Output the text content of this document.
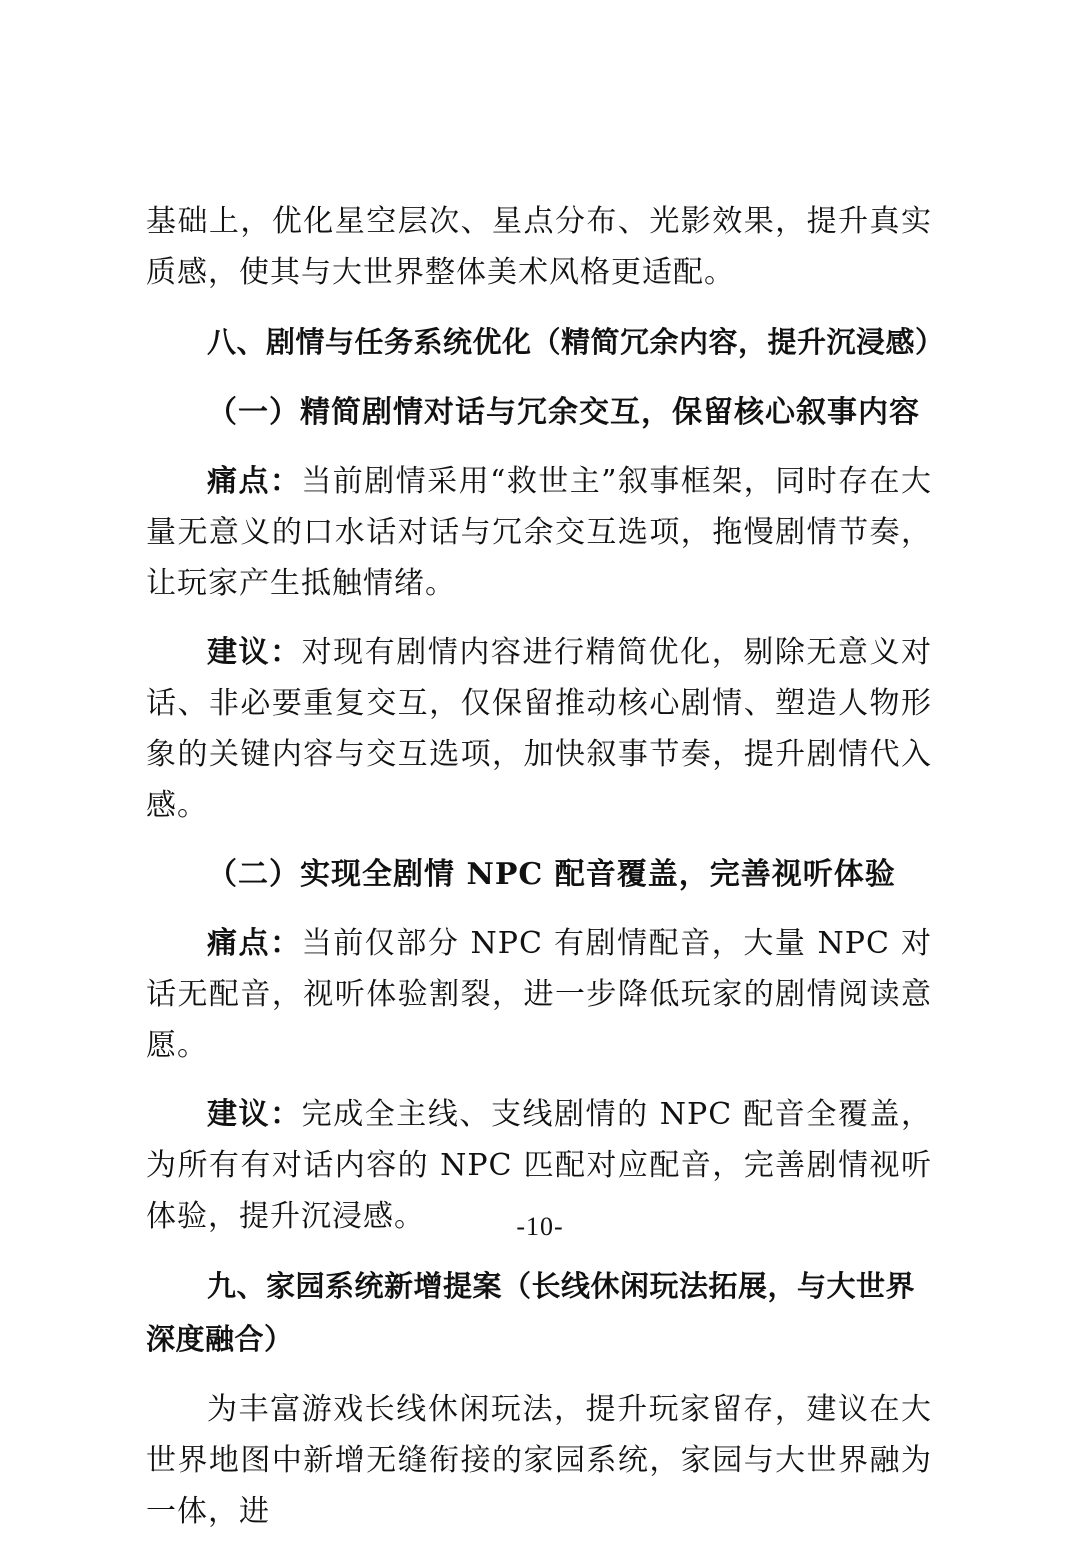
基础上，优化星空层次、星点分布、光影效果，提升真实质感，使其与大世界整体美术风格更适配。

八、剧情与任务系统优化（精简冗余内容，提升沉浸感）
（一）精简剧情对话与冗余交互，保留核心叙事内容

痛点：当前剧情采用“救世主”叙事框架，同时存在大量无意义的口水话对话与冗余交互选项，拖慢剧情节奏，让玩家产生抵触情绪。

建议：对现有剧情内容进行精简优化，剔除无意义对话、非必要重复交互，仅保留推动核心剧情、塑造人物形象的关键内容与交互选项，加快叙事节奏，提升剧情代入感。

（二）实现全剧情 NPC 配音覆盖，完善视听体验

痛点：当前仅部分 NPC 有剧情配音，大量 NPC 对话无配音，视听体验割裂，进一步降低玩家的剧情阅读意愿。

建议：完成全主线、支线剧情的 NPC 配音全覆盖，为所有有对话内容的 NPC 匹配对应配音，完善剧情视听体验，提升沉浸感。

九、家园系统新增提案（长线休闲玩法拓展，与大世界深度融合）

为丰富游戏长线休闲玩法，提升玩家留存，建议在大世界地图中新增无缝衔接的家园系统，家园与大世界融为一体，进

-10-
